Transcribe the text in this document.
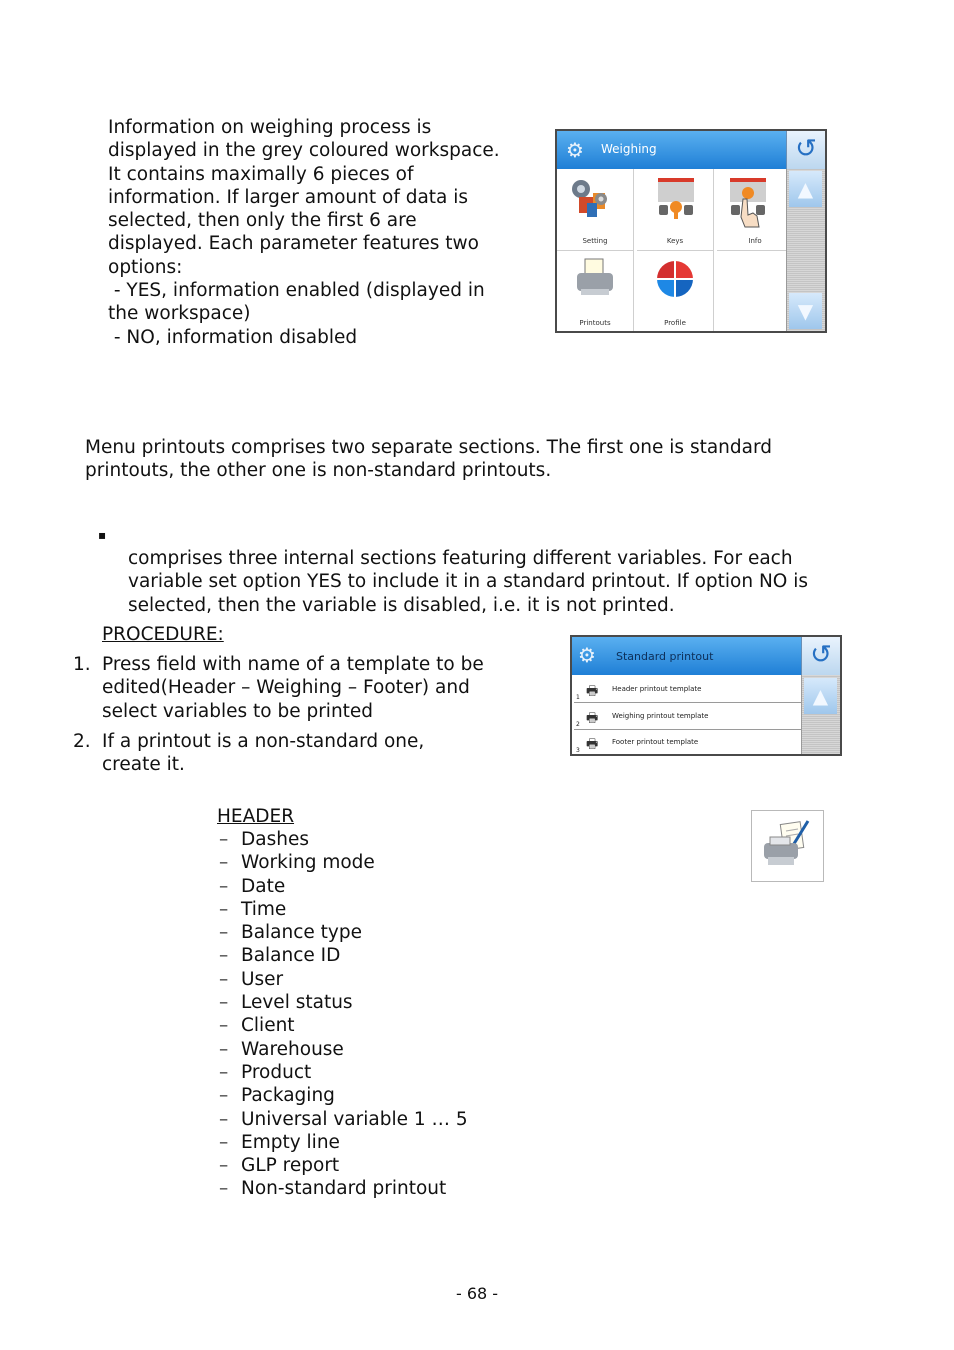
Information on weighing process is
displayed in the grey coloured workspace.
It contains maximally 6 pieces of
information. If larger amount of data is
selected, then only the first 6 are
displayed. Each parameter features two
options:
- YES, information enabled (displayed in
the workspace)
- NO, information disabled
⚙ Weighing	↺
Setting	Keys	Info
Printouts	Profile
▲
▼
Menu printouts comprises two separate sections. The first one is standard
printouts, the other one is non-standard printouts.
▪
comprises three internal sections featuring different variables. For each
variable set option YES to include it in a standard printout. If option NO is
selected, then the variable is disabled, i.e. it is not printed.
PROCEDURE:
1. Press field with name of a template to be
edited(Header – Weighing – Footer) and
select variables to be printed
2. If a printout is a non-standard one,
create it.
⚙ Standard printout	↺
1 🖶 Header printout template
2 🖶 Weighing printout template
3 🖶 Footer printout template
▲
HEADER
– Dashes
– Working mode
– Date
– Time
– Balance type
– Balance ID
– User
– Level status
– Client
– Warehouse
– Product
– Packaging
– Universal variable 1 … 5
– Empty line
– GLP report
– Non-standard printout
- 68 -
